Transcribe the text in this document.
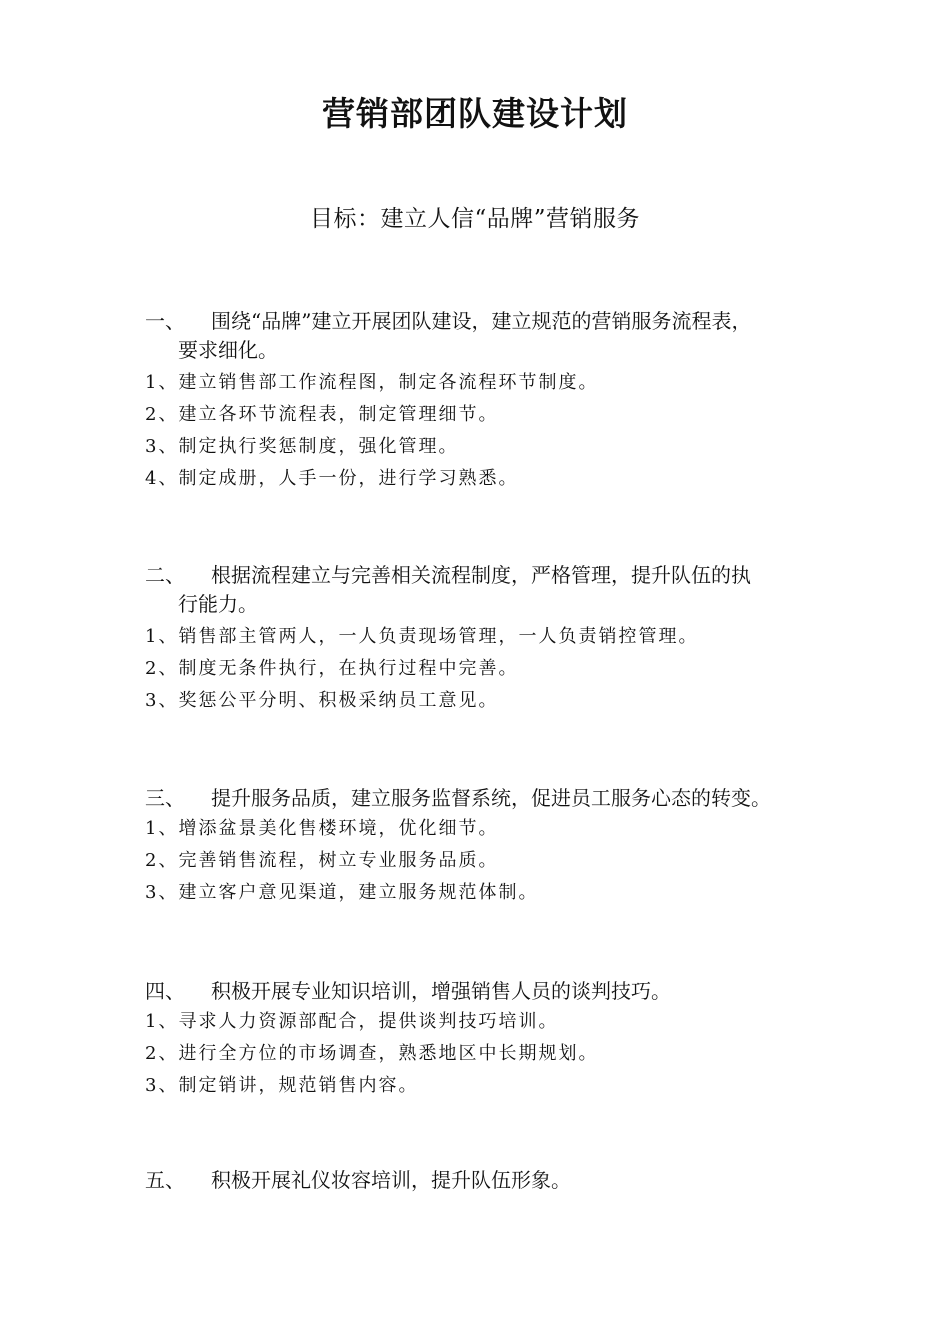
营销部团队建设计划
目标：建立人信“品牌”营销服务
一、 围绕“品牌”建立开展团队建设，建立规范的营销服务流程表，
要求细化。
1、建立销售部工作流程图，制定各流程环节制度。
2、建立各环节流程表，制定管理细节。
3、制定执行奖惩制度，强化管理。
4、制定成册，人手一份，进行学习熟悉。
二、 根据流程建立与完善相关流程制度，严格管理，提升队伍的执
行能力。
1、销售部主管两人，一人负责现场管理，一人负责销控管理。
2、制度无条件执行，在执行过程中完善。
3、奖惩公平分明、积极采纳员工意见。
三、 提升服务品质，建立服务监督系统，促进员工服务心态的转变。
1、增添盆景美化售楼环境，优化细节。
2、完善销售流程，树立专业服务品质。
3、建立客户意见渠道，建立服务规范体制。
四、 积极开展专业知识培训，增强销售人员的谈判技巧。
1、寻求人力资源部配合，提供谈判技巧培训。
2、进行全方位的市场调查，熟悉地区中长期规划。
3、制定销讲，规范销售内容。
五、 积极开展礼仪妆容培训，提升队伍形象。
